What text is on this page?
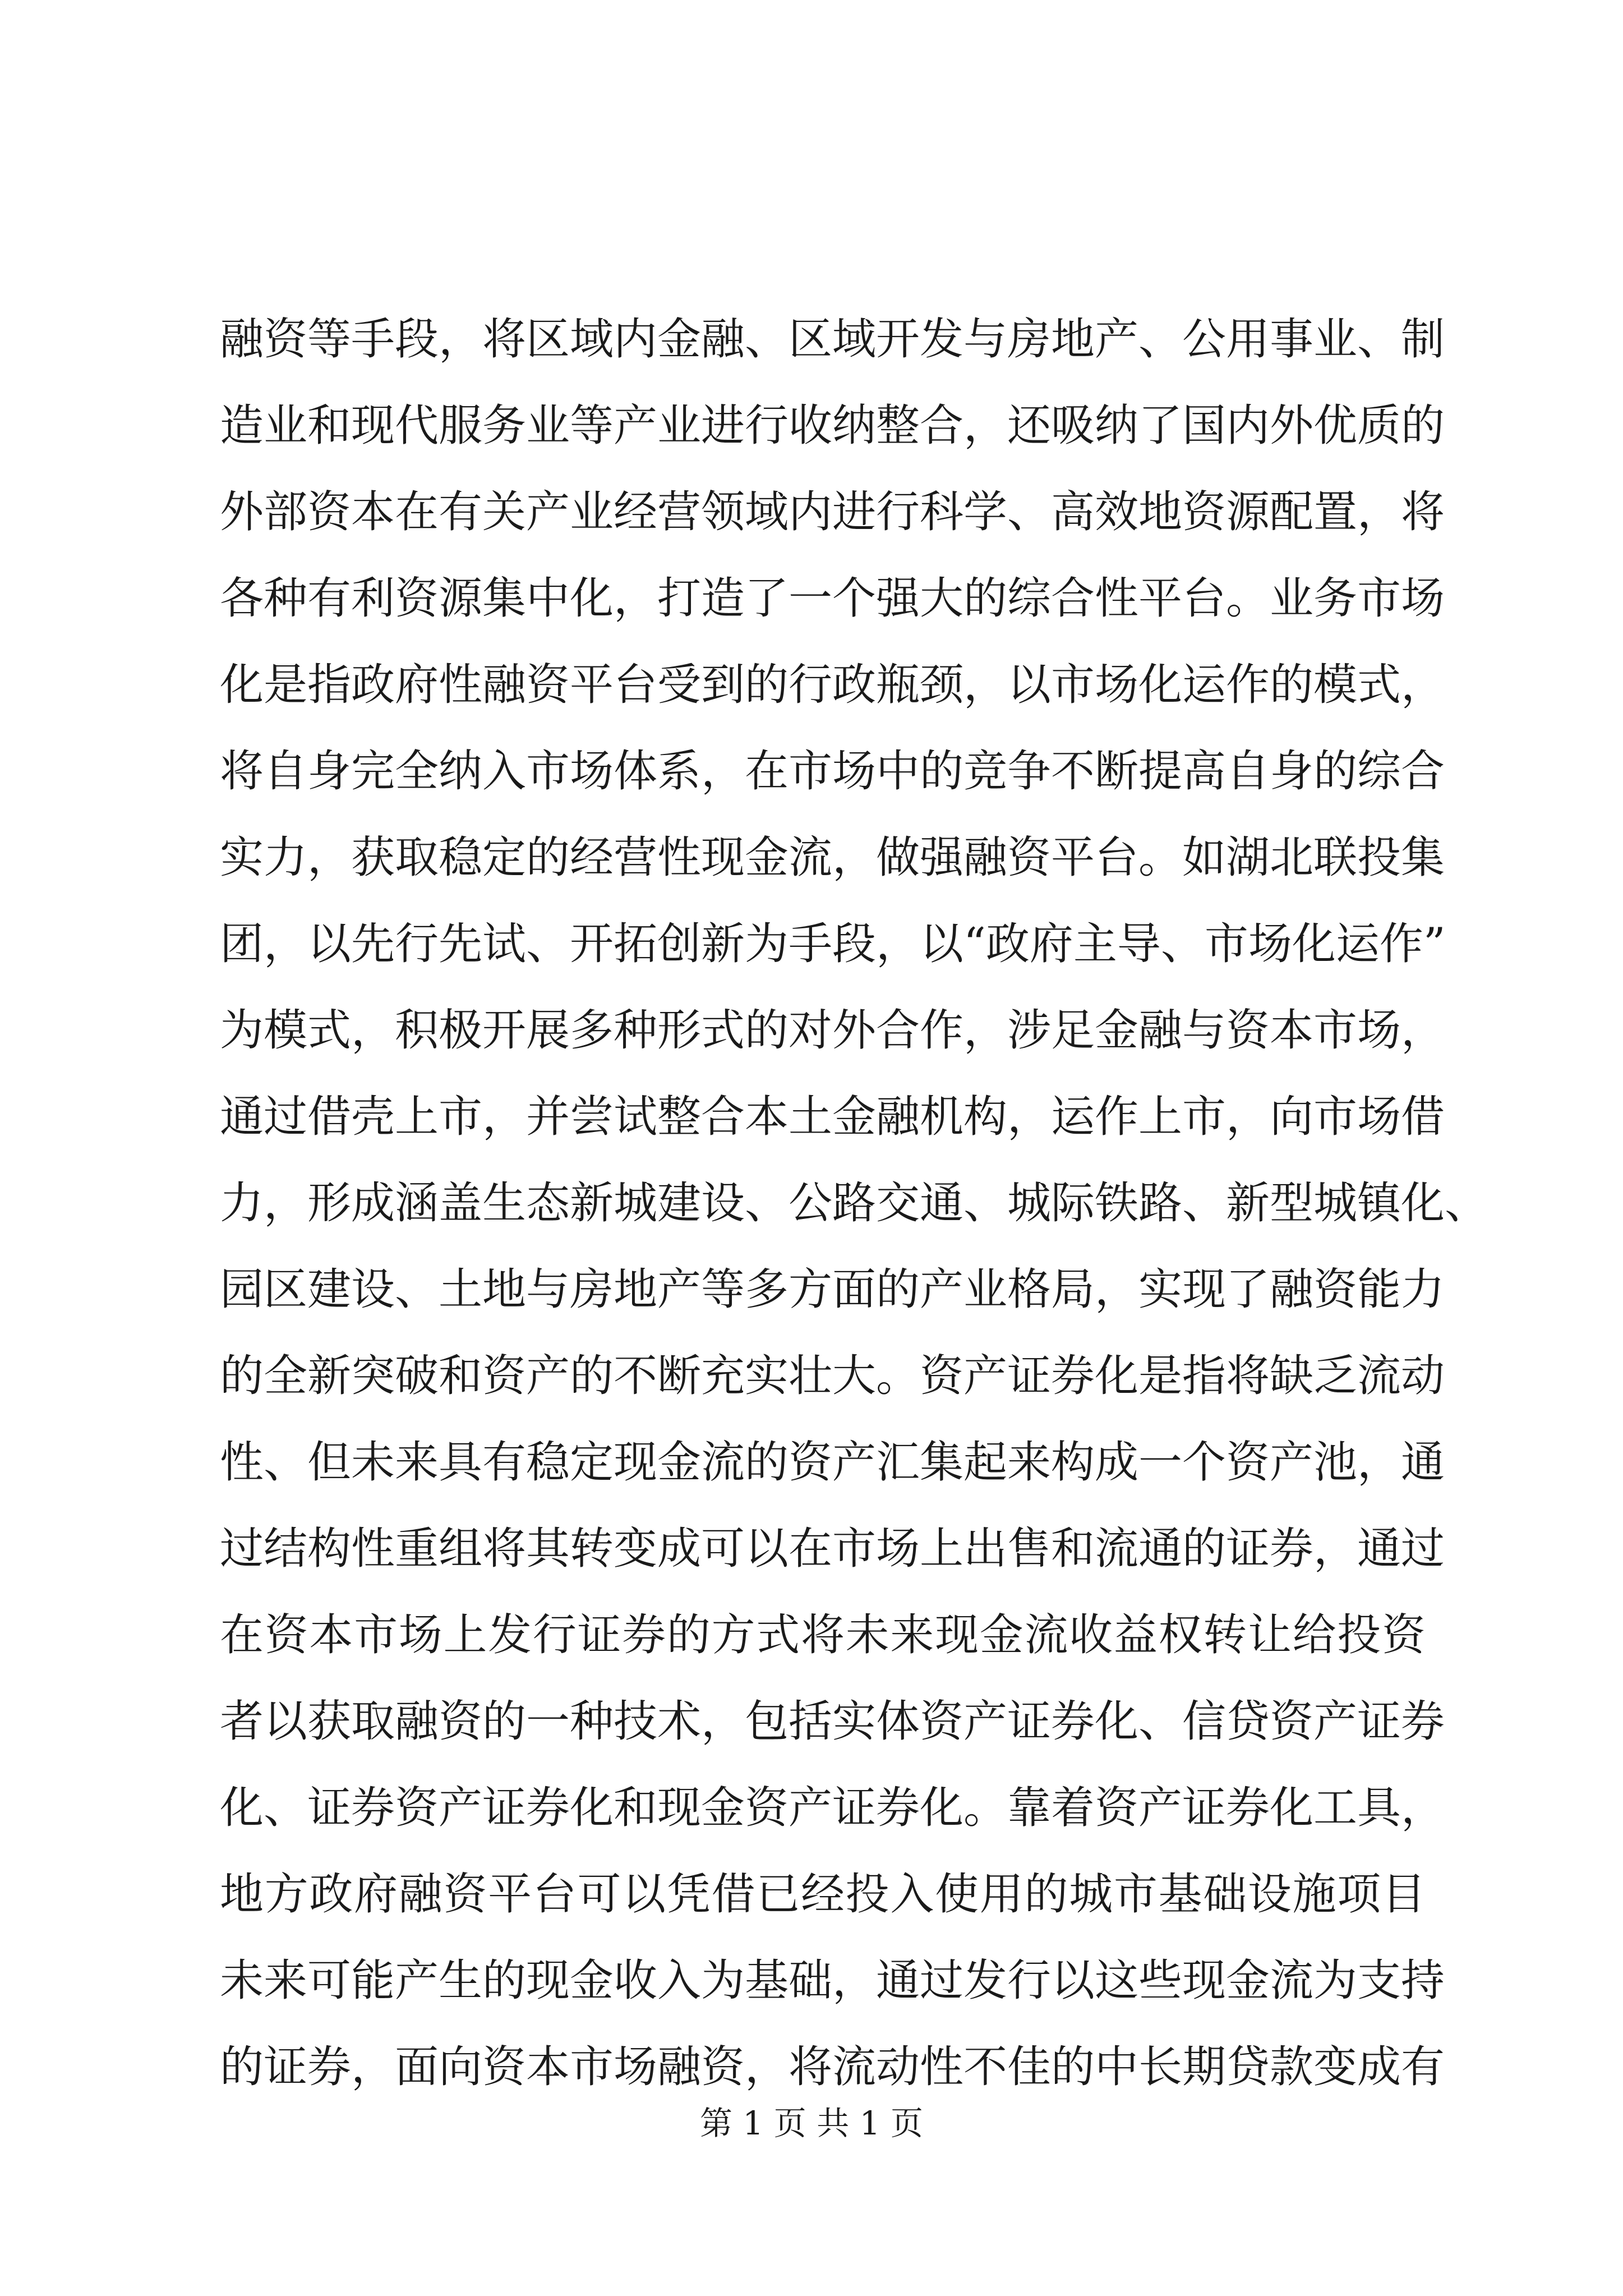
融资等手段，将区域内金融、区域开发与房地产、公用事业、制
造业和现代服务业等产业进行收纳整合，还吸纳了国内外优质的
外部资本在有关产业经营领域内进行科学、高效地资源配置，将
各种有利资源集中化，打造了一个强大的综合性平台。业务市场
化是指政府性融资平台受到的行政瓶颈，以市场化运作的模式，
将自身完全纳入市场体系，在市场中的竞争不断提高自身的综合
实力，获取稳定的经营性现金流，做强融资平台。如湖北联投集
团，以先行先试、开拓创新为手段，以“政府主导、市场化运作”
为模式，积极开展多种形式的对外合作，涉足金融与资本市场，
通过借壳上市，并尝试整合本土金融机构，运作上市，向市场借
力，形成涵盖生态新城建设、公路交通、城际铁路、新型城镇化、
园区建设、土地与房地产等多方面的产业格局，实现了融资能力
的全新突破和资产的不断充实壮大。资产证券化是指将缺乏流动
性、但未来具有稳定现金流的资产汇集起来构成一个资产池，通
过结构性重组将其转变成可以在市场上出售和流通的证券，通过
在资本市场上发行证券的方式将未来现金流收益权转让给投资
者以获取融资的一种技术，包括实体资产证券化、信贷资产证券
化、证券资产证券化和现金资产证券化。靠着资产证券化工具，
地方政府融资平台可以凭借已经投入使用的城市基础设施项目
未来可能产生的现金收入为基础，通过发行以这些现金流为支持
的证券，面向资本市场融资，将流动性不佳的中长期贷款变成有
第 1 页 共 1 页
